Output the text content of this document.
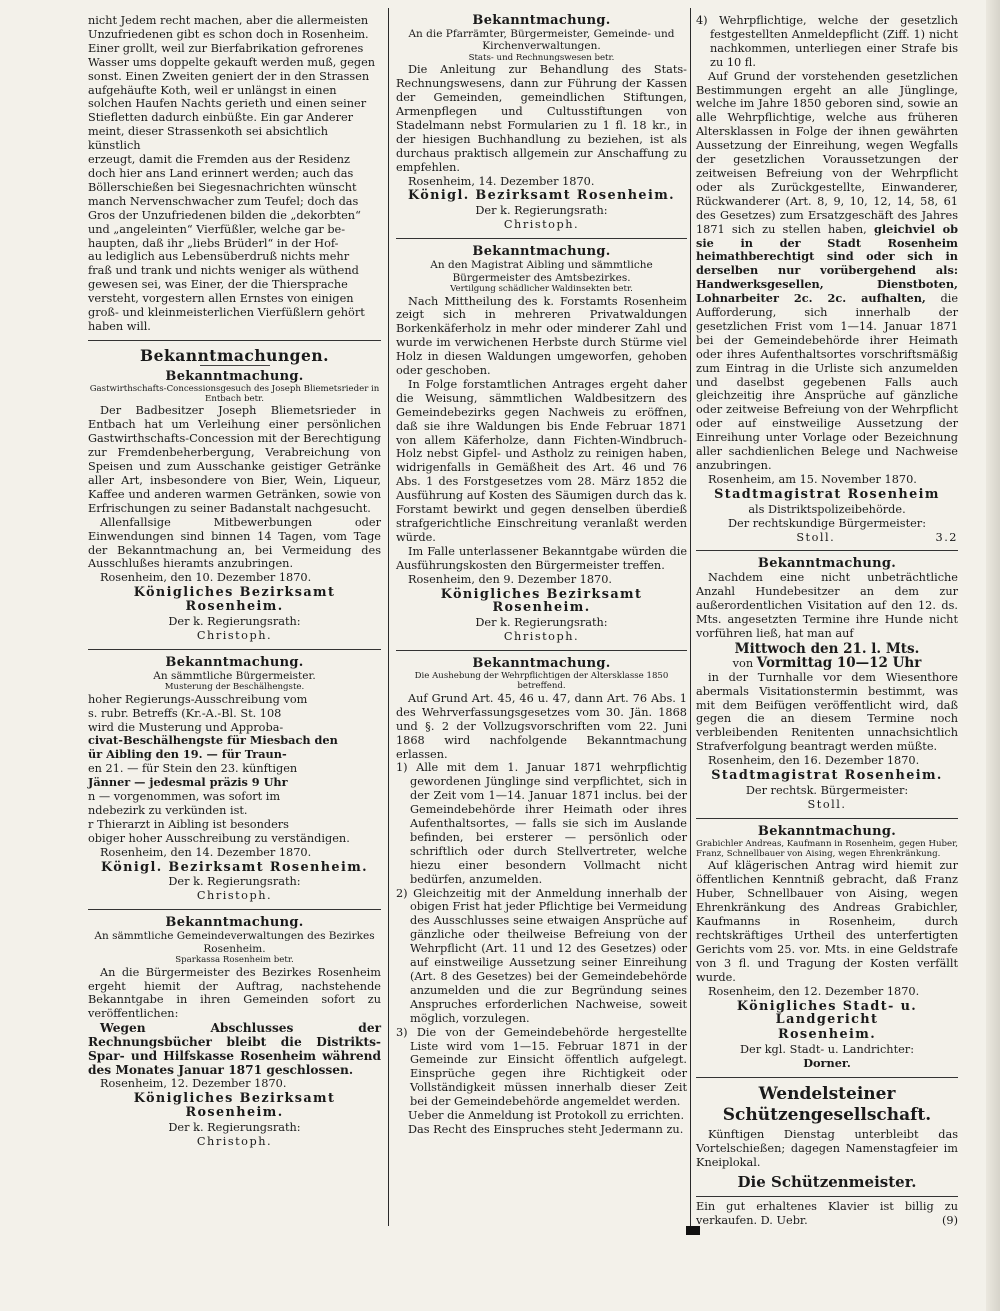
nicht Jedem recht machen, aber die allermeisten

Unzufriedenen gibt es schon doch in Rosenheim.

Einer grollt, weil zur Bierfabrikation gefrorenes

Wasser ums doppelte gekauft werden muß, gegen

sonst. Einen Zweiten geniert der in den Strassen

aufgehäufte Koth, weil er unlängst in einen

solchen Haufen Nachts gerieth und einen seiner

Stiefletten dadurch einbüßte. Ein gar Anderer

meint, dieser Strassenkoth sei absichtlich künstlich

erzeugt, damit die Fremden aus der Residenz

doch hier ans Land erinnert werden; auch das

Böllerschießen bei Siegesnachrichten wünscht

manch Nervenschwacher zum Teufel; doch das

Gros der Unzufriedenen bilden die „dekorbten“

und „angeleinten“ Vierfüßler, welche gar be-

haupten, daß ihr „liebs Brüderl“ in der Hof-

au lediglich aus Lebensüberdruß nichts mehr

fraß und trank und nichts weniger als wüthend

gewesen sei, was Einer, der die Thiersprache

versteht, vorgestern allen Ernstes von einigen

groß- und kleinmeisterlichen Vierfüßlern gehört

haben will.

Bekanntmachungen.
Bekanntmachung.

Gastwirthschafts-Concessionsgesuch des Joseph Bliemetsrieder in Entbach betr.

Der Badbesitzer Joseph Bliemetsrieder in Entbach hat um Verleihung einer persönlichen Gastwirthschafts-Concession mit der Berechtigung zur Fremdenbeherbergung, Verabreichung von Speisen und zum Ausschanke geistiger Getränke aller Art, insbesondere von Bier, Wein, Liqueur, Kaffee und anderen warmen Getränken, sowie von Erfrischungen zu seiner Badanstalt nachgesucht.

Allenfallsige Mitbewerbungen oder Einwendungen sind binnen 14 Tagen, vom Tage der Bekanntmachung an, bei Vermeidung des Ausschlußes hieramts anzubringen.

Rosenheim, den 10. Dezember 1870.

Königliches Bezirksamt Rosenheim.

Der k. Regierungsrath:

Christoph.

Bekanntmachung.

An sämmtliche Bürgermeister.

Musterung der Beschälhengste.

hoher Regierungs-Ausschreibung vom

s. rubr. Betreffs (Kr.-A.-Bl. St. 108

wird die Musterung und Approba-

civat-Beschälhengste für Miesbach den

ür Aibling den 19. — für Traun-

en 21. — für Stein den 23. künftigen

Jänner — jedesmal präzis 9 Uhr

n — vorgenommen, was sofort im

ndebezirk zu verkünden ist.

r Thierarzt in Aibling ist besonders

obiger hoher Ausschreibung zu verständigen.

Rosenheim, den 14. Dezember 1870.

Königl. Bezirksamt Rosenheim.

Der k. Regierungsrath:

Christoph.

Bekanntmachung.

An sämmtliche Gemeindeverwaltungen des Bezirkes Rosenheim.

Sparkassa Rosenheim betr.

An die Bürgermeister des Bezirkes Rosenheim ergeht hiemit der Auftrag, nachstehende Bekanntgabe in ihren Gemeinden sofort zu veröffentlichen:

Wegen Abschlusses der Rechnungsbücher bleibt die Distrikts-Spar- und Hilfskasse Rosenheim während des Monates Januar 1871 geschlossen.

Rosenheim, 12. Dezember 1870.

Königliches Bezirksamt Rosenheim.

Der k. Regierungsrath:

Christoph.

Bekanntmachung.

An die Pfarrämter, Bürgermeister, Gemeinde- und Kirchenverwaltungen.

Stats- und Rechnungswesen betr.

Die Anleitung zur Behandlung des Stats- Rechnungswesens, dann zur Führung der Kassen der Gemeinden, gemeindlichen Stiftungen, Armenpflegen und Cultusstiftungen von Stadelmann nebst Formularien zu 1 fl. 18 kr., in der hiesigen Buchhandlung zu beziehen, ist als durchaus praktisch allgemein zur Anschaffung zu empfehlen.

Rosenheim, 14. Dezember 1870.

Königl. Bezirksamt Rosenheim.

Der k. Regierungsrath:

Christoph.

Bekanntmachung.

An den Magistrat Aibling und sämmtliche Bürgermeister des Amtsbezirkes.

Vertilgung schädlicher Waldinsekten betr.

Nach Mittheilung des k. Forstamts Rosenheim zeigt sich in mehreren Privatwaldungen Borkenkäferholz in mehr oder minderer Zahl und wurde im verwichenen Herbste durch Stürme viel Holz in diesen Waldungen umgeworfen, gehoben oder geschoben.

In Folge forstamtlichen Antrages ergeht daher die Weisung, sämmtlichen Waldbesitzern des Gemeindebezirks gegen Nachweis zu eröffnen, daß sie ihre Waldungen bis Ende Februar 1871 von allem Käferholze, dann Fichten-Windbruch-Holz nebst Gipfel- und Astholz zu reinigen haben, widrigenfalls in Gemäßheit des Art. 46 und 76 Abs. 1 des Forstgesetzes vom 28. März 1852 die Ausführung auf Kosten des Säumigen durch das k. Forstamt bewirkt und gegen denselben überdieß strafgerichtliche Einschreitung veranlaßt werden würde.

Im Falle unterlassener Bekanntgabe würden die Ausführungskosten den Bürgermeister treffen.

Rosenheim, den 9. Dezember 1870.

Königliches Bezirksamt Rosenheim.

Der k. Regierungsrath:

Christoph.

Bekanntmachung.

Die Aushebung der Wehrpflichtigen der Altersklasse 1850 betreffend.

Auf Grund Art. 45, 46 u. 47, dann Art. 76 Abs. 1 des Wehrverfassungsgesetzes vom 30. Jän. 1868 und §. 2 der Vollzugsvorschriften vom 22. Juni 1868 wird nachfolgende Bekanntmachung erlassen.

1) Alle mit dem 1. Januar 1871 wehrpflichtig gewordenen Jünglinge sind verpflichtet, sich in der Zeit vom 1—14. Januar 1871 inclus. bei der Gemeindebehörde ihrer Heimath oder ihres Aufenthaltsortes, — falls sie sich im Auslande befinden, bei ersterer — persönlich oder schriftlich oder durch Stellvertreter, welche hiezu einer besondern Vollmacht nicht bedürfen, anzumelden.

2) Gleichzeitig mit der Anmeldung innerhalb der obigen Frist hat jeder Pflichtige bei Vermeidung des Ausschlusses seine etwaigen Ansprüche auf gänzliche oder theilweise Befreiung von der Wehrpflicht (Art. 11 und 12 des Gesetzes) oder auf einstweilige Aussetzung seiner Einreihung (Art. 8 des Gesetzes) bei der Gemeindebehörde anzumelden und die zur Begründung seines Anspruches erforderlichen Nachweise, soweit möglich, vorzulegen.

3) Die von der Gemeindebehörde hergestellte Liste wird vom 1—15. Februar 1871 in der Gemeinde zur Einsicht öffentlich aufgelegt. Einsprüche gegen ihre Richtigkeit oder Vollständigkeit müssen innerhalb dieser Zeit bei der Gemeindebehörde angemeldet werden.

Ueber die Anmeldung ist Protokoll zu errichten.

Das Recht des Einspruches steht Jedermann zu.

4) Wehrpflichtige, welche der gesetzlich festgestellten Anmeldepflicht (Ziff. 1) nicht nachkommen, unterliegen einer Strafe bis zu 10 fl.

Auf Grund der vorstehenden gesetzlichen Bestimmungen ergeht an alle Jünglinge, welche im Jahre 1850 geboren sind, sowie an alle Wehrpflichtige, welche aus früheren Altersklassen in Folge der ihnen gewährten Aussetzung der Einreihung, wegen Wegfalls der gesetzlichen Voraussetzungen der zeitweisen Befreiung von der Wehrpflicht oder als Zurückgestellte, Einwanderer, Rückwanderer (Art. 8, 9, 10, 12, 14, 58, 61 des Gesetzes) zum Ersatzgeschäft des Jahres 1871 sich zu stellen haben, gleichviel ob sie in der Stadt Rosenheim heimathberechtigt sind oder sich in derselben nur vorübergehend als: Handwerksgesellen, Dienstboten, Lohnarbeiter 2c. 2c. aufhalten, die Aufforderung, sich innerhalb der gesetzlichen Frist vom 1—14. Januar 1871 bei der Gemeindebehörde ihrer Heimath oder ihres Aufenthaltsortes vorschriftsmäßig zum Eintrag in die Urliste sich anzumelden und daselbst gegebenen Falls auch gleichzeitig ihre Ansprüche auf gänzliche oder zeitweise Befreiung von der Wehrpflicht oder auf einstweilige Aussetzung der Einreihung unter Vorlage oder Bezeichnung aller sachdienlichen Belege und Nachweise anzubringen.

Rosenheim, am 15. November 1870.

Stadtmagistrat Rosenheim

als Distriktspolizeibehörde.

Der rechtskundige Bürgermeister:

Stoll.	3.2

Bekanntmachung.

Nachdem eine nicht unbeträchtliche Anzahl Hundebesitzer an dem zur außerordentlichen Visitation auf den 12. ds. Mts. angesetzten Termine ihre Hunde nicht vorführen ließ, hat man auf

Mittwoch den 21. l. Mts.

von Vormittag 10—12 Uhr

in der Turnhalle vor dem Wiesenthore abermals Visitationstermin bestimmt, was mit dem Beifügen veröffentlicht wird, daß gegen die an diesem Termine noch verbleibenden Renitenten unnachsichtlich Strafverfolgung beantragt werden müßte.

Rosenheim, den 16. Dezember 1870.

Stadtmagistrat Rosenheim.

Der rechtsk. Bürgermeister:

Stoll.

Bekanntmachung.

Grabichler Andreas, Kaufmann in Rosenheim, gegen Huber, Franz, Schnellbauer von Aising, wegen Ehrenkränkung.

Auf klägerischen Antrag wird hiemit zur öffentlichen Kenntniß gebracht, daß Franz Huber, Schnellbauer von Aising, wegen Ehrenkränkung des Andreas Grabichler, Kaufmanns in Rosenheim, durch rechtskräftiges Urtheil des unterfertigten Gerichts vom 25. vor. Mts. in eine Geldstrafe von 3 fl. und Tragung der Kosten verfällt wurde.

Rosenheim, den 12. Dezember 1870.

Königliches Stadt- u. Landgericht

Rosenheim.

Der kgl. Stadt- u. Landrichter:

Dorner.

Wendelsteiner Schützengesellschaft.

Künftigen Dienstag unterbleibt das Vortelschießen; dagegen Namenstagfeier im Kneiplokal.

Die Schützenmeister.

Ein gut erhaltenes Klavier ist billig zu verkaufen. D. Uebr.	(9)
